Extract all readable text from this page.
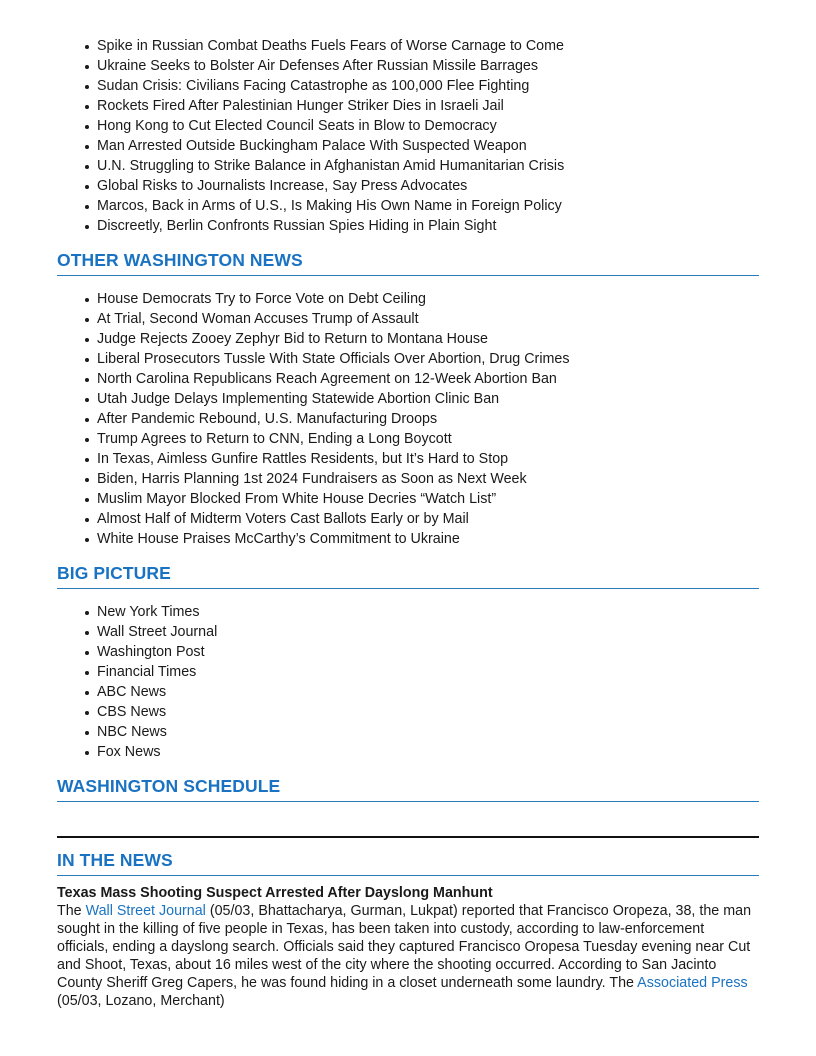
Spike in Russian Combat Deaths Fuels Fears of Worse Carnage to Come
Ukraine Seeks to Bolster Air Defenses After Russian Missile Barrages
Sudan Crisis: Civilians Facing Catastrophe as 100,000 Flee Fighting
Rockets Fired After Palestinian Hunger Striker Dies in Israeli Jail
Hong Kong to Cut Elected Council Seats in Blow to Democracy
Man Arrested Outside Buckingham Palace With Suspected Weapon
U.N. Struggling to Strike Balance in Afghanistan Amid Humanitarian Crisis
Global Risks to Journalists Increase, Say Press Advocates
Marcos, Back in Arms of U.S., Is Making His Own Name in Foreign Policy
Discreetly, Berlin Confronts Russian Spies Hiding in Plain Sight
OTHER WASHINGTON NEWS
House Democrats Try to Force Vote on Debt Ceiling
At Trial, Second Woman Accuses Trump of Assault
Judge Rejects Zooey Zephyr Bid to Return to Montana House
Liberal Prosecutors Tussle With State Officials Over Abortion, Drug Crimes
North Carolina Republicans Reach Agreement on 12-Week Abortion Ban
Utah Judge Delays Implementing Statewide Abortion Clinic Ban
After Pandemic Rebound, U.S. Manufacturing Droops
Trump Agrees to Return to CNN, Ending a Long Boycott
In Texas, Aimless Gunfire Rattles Residents, but It’s Hard to Stop
Biden, Harris Planning 1st 2024 Fundraisers as Soon as Next Week
Muslim Mayor Blocked From White House Decries “Watch List”
Almost Half of Midterm Voters Cast Ballots Early or by Mail
White House Praises McCarthy’s Commitment to Ukraine
BIG PICTURE
New York Times
Wall Street Journal
Washington Post
Financial Times
ABC News
CBS News
NBC News
Fox News
WASHINGTON SCHEDULE
IN THE NEWS

Texas Mass Shooting Suspect Arrested After Dayslong Manhunt

The Wall Street Journal (05/03, Bhattacharya, Gurman, Lukpat) reported that Francisco Oropeza, 38, the man sought in the killing of five people in Texas, has been taken into custody, according to law-enforcement officials, ending a dayslong search. Officials said they captured Francisco Oropesa Tuesday evening near Cut and Shoot, Texas, about 16 miles west of the city where the shooting occurred. According to San Jacinto County Sheriff Greg Capers, he was found hiding in a closet underneath some laundry. The Associated Press (05/03, Lozano, Merchant)
